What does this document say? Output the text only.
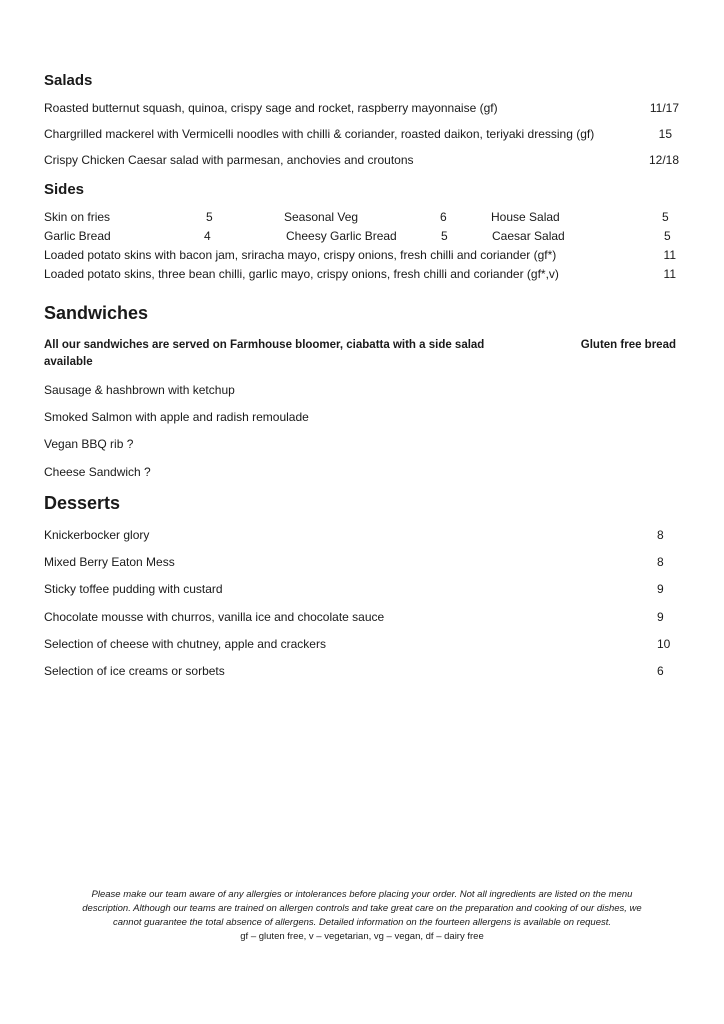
Salads
Roasted butternut squash, quinoa, crispy sage and rocket, raspberry mayonnaise (gf)	11/17
Chargrilled mackerel with Vermicelli noodles with chilli & coriander, roasted daikon, teriyaki dressing (gf)	15
Crispy Chicken Caesar salad with parmesan, anchovies and croutons	12/18
Sides
Skin on fries	5	Seasonal Veg	6	House Salad	5
Garlic Bread	4	Cheesy Garlic Bread	5	Caesar Salad	5
Loaded potato skins with bacon jam, sriracha mayo, crispy onions, fresh chilli and coriander (gf*)	11
Loaded potato skins, three bean chilli, garlic mayo, crispy onions, fresh chilli and coriander (gf*,v)	11
Sandwiches
All our sandwiches are served on Farmhouse bloomer, ciabatta with a side salad	Gluten free bread
available
Sausage & hashbrown with ketchup
Smoked Salmon with apple and radish remoulade
Vegan BBQ rib ?
Cheese Sandwich ?
Desserts
Knickerbocker glory	8
Mixed Berry Eaton Mess	8
Sticky toffee pudding with custard	9
Chocolate mousse with churros, vanilla ice and chocolate sauce	9
Selection of cheese with chutney, apple and crackers	10
Selection of ice creams or sorbets	6
Please make our team aware of any allergies or intolerances before placing your order. Not all ingredients are listed on the menu
description. Although our teams are trained on allergen controls and take great care on the preparation and cooking of our dishes, we
cannot guarantee the total absence of allergens. Detailed information on the fourteen allergens is available on request.
gf – gluten free, v – vegetarian, vg – vegan, df – dairy free
